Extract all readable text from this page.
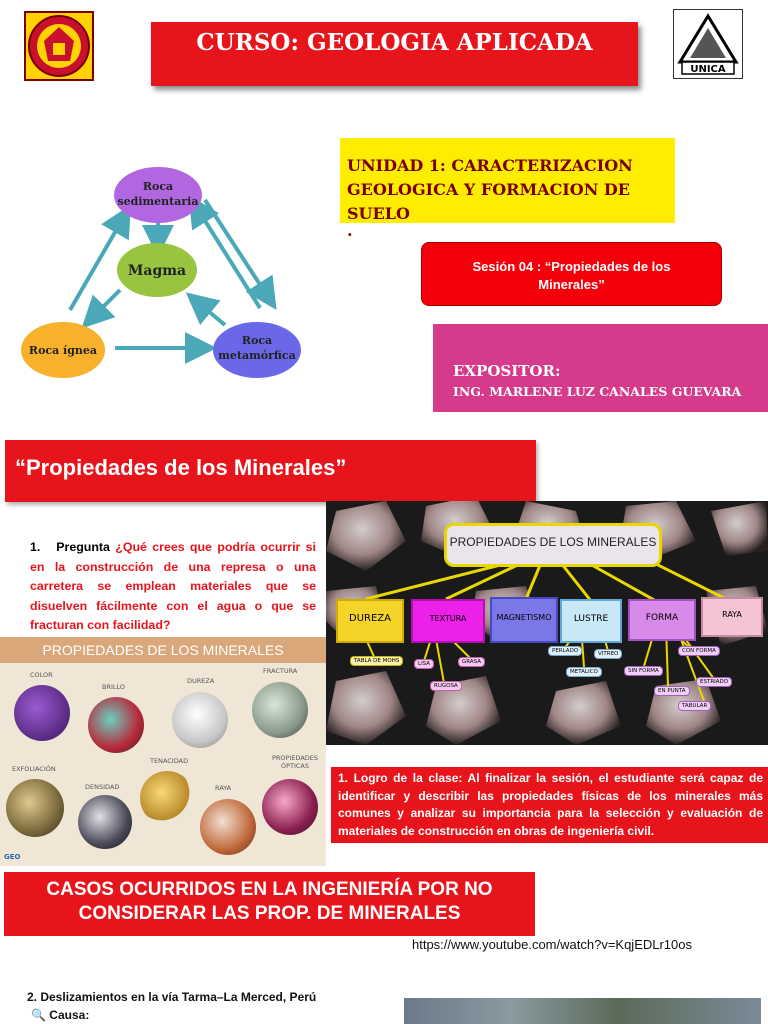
CURSO: GEOLOGIA APLICADA
UNICA
Roca
sedimentaria
Magma
Roca ígnea
Roca
metamórfica
UNIDAD 1: CARACTERIZACION
GEOLOGICA Y FORMACION DE SUELO
.
Sesión 04 : “Propiedades de los Minerales”
EXPOSITOR:
ING. MARLENE LUZ CANALES GUEVARA
“Propiedades de los Minerales”
1. Pregunta ¿Qué crees que podría ocurrir si en la construcción de una represa o una carretera se emplean materiales que se disuelven fácilmente con el agua o que se fracturan con facilidad?
PROPIEDADES DE LOS MINERALES
COLOR
BRILLO
DUREZA
FRACTURA
EXFOLIACIÓN
DENSIDAD
TENACIDAD
RAYA
PROPIEDADES ÓPTICAS
GEO
PROPIEDADES DE LOS MINERALES
DUREZA	TEXTURA	MAGNETISMO	LUSTRE	FORMA	RAYA
TABLA DE MOHS	LISA
RUGOSA
GRASA
PERLADO	VITREO
METALICO	SIN FORMA
CON FORMA
EN PUNTA
ESTRIADO
TABULAR
1. Logro de la clase: Al finalizar la sesión, el estudiante será capaz de identificar y describir las propiedades físicas de los minerales más comunes y analizar su importancia para la selección y evaluación de materiales de construcción en obras de ingeniería civil.
CASOS OCURRIDOS EN LA INGENIERÍA POR NO
CONSIDERAR LAS PROP. DE MINERALES
https://www.youtube.com/watch?v=KqjEDLr10os
2. Deslizamientos en la vía Tarma–La Merced, Perú
🔍 Causa:
